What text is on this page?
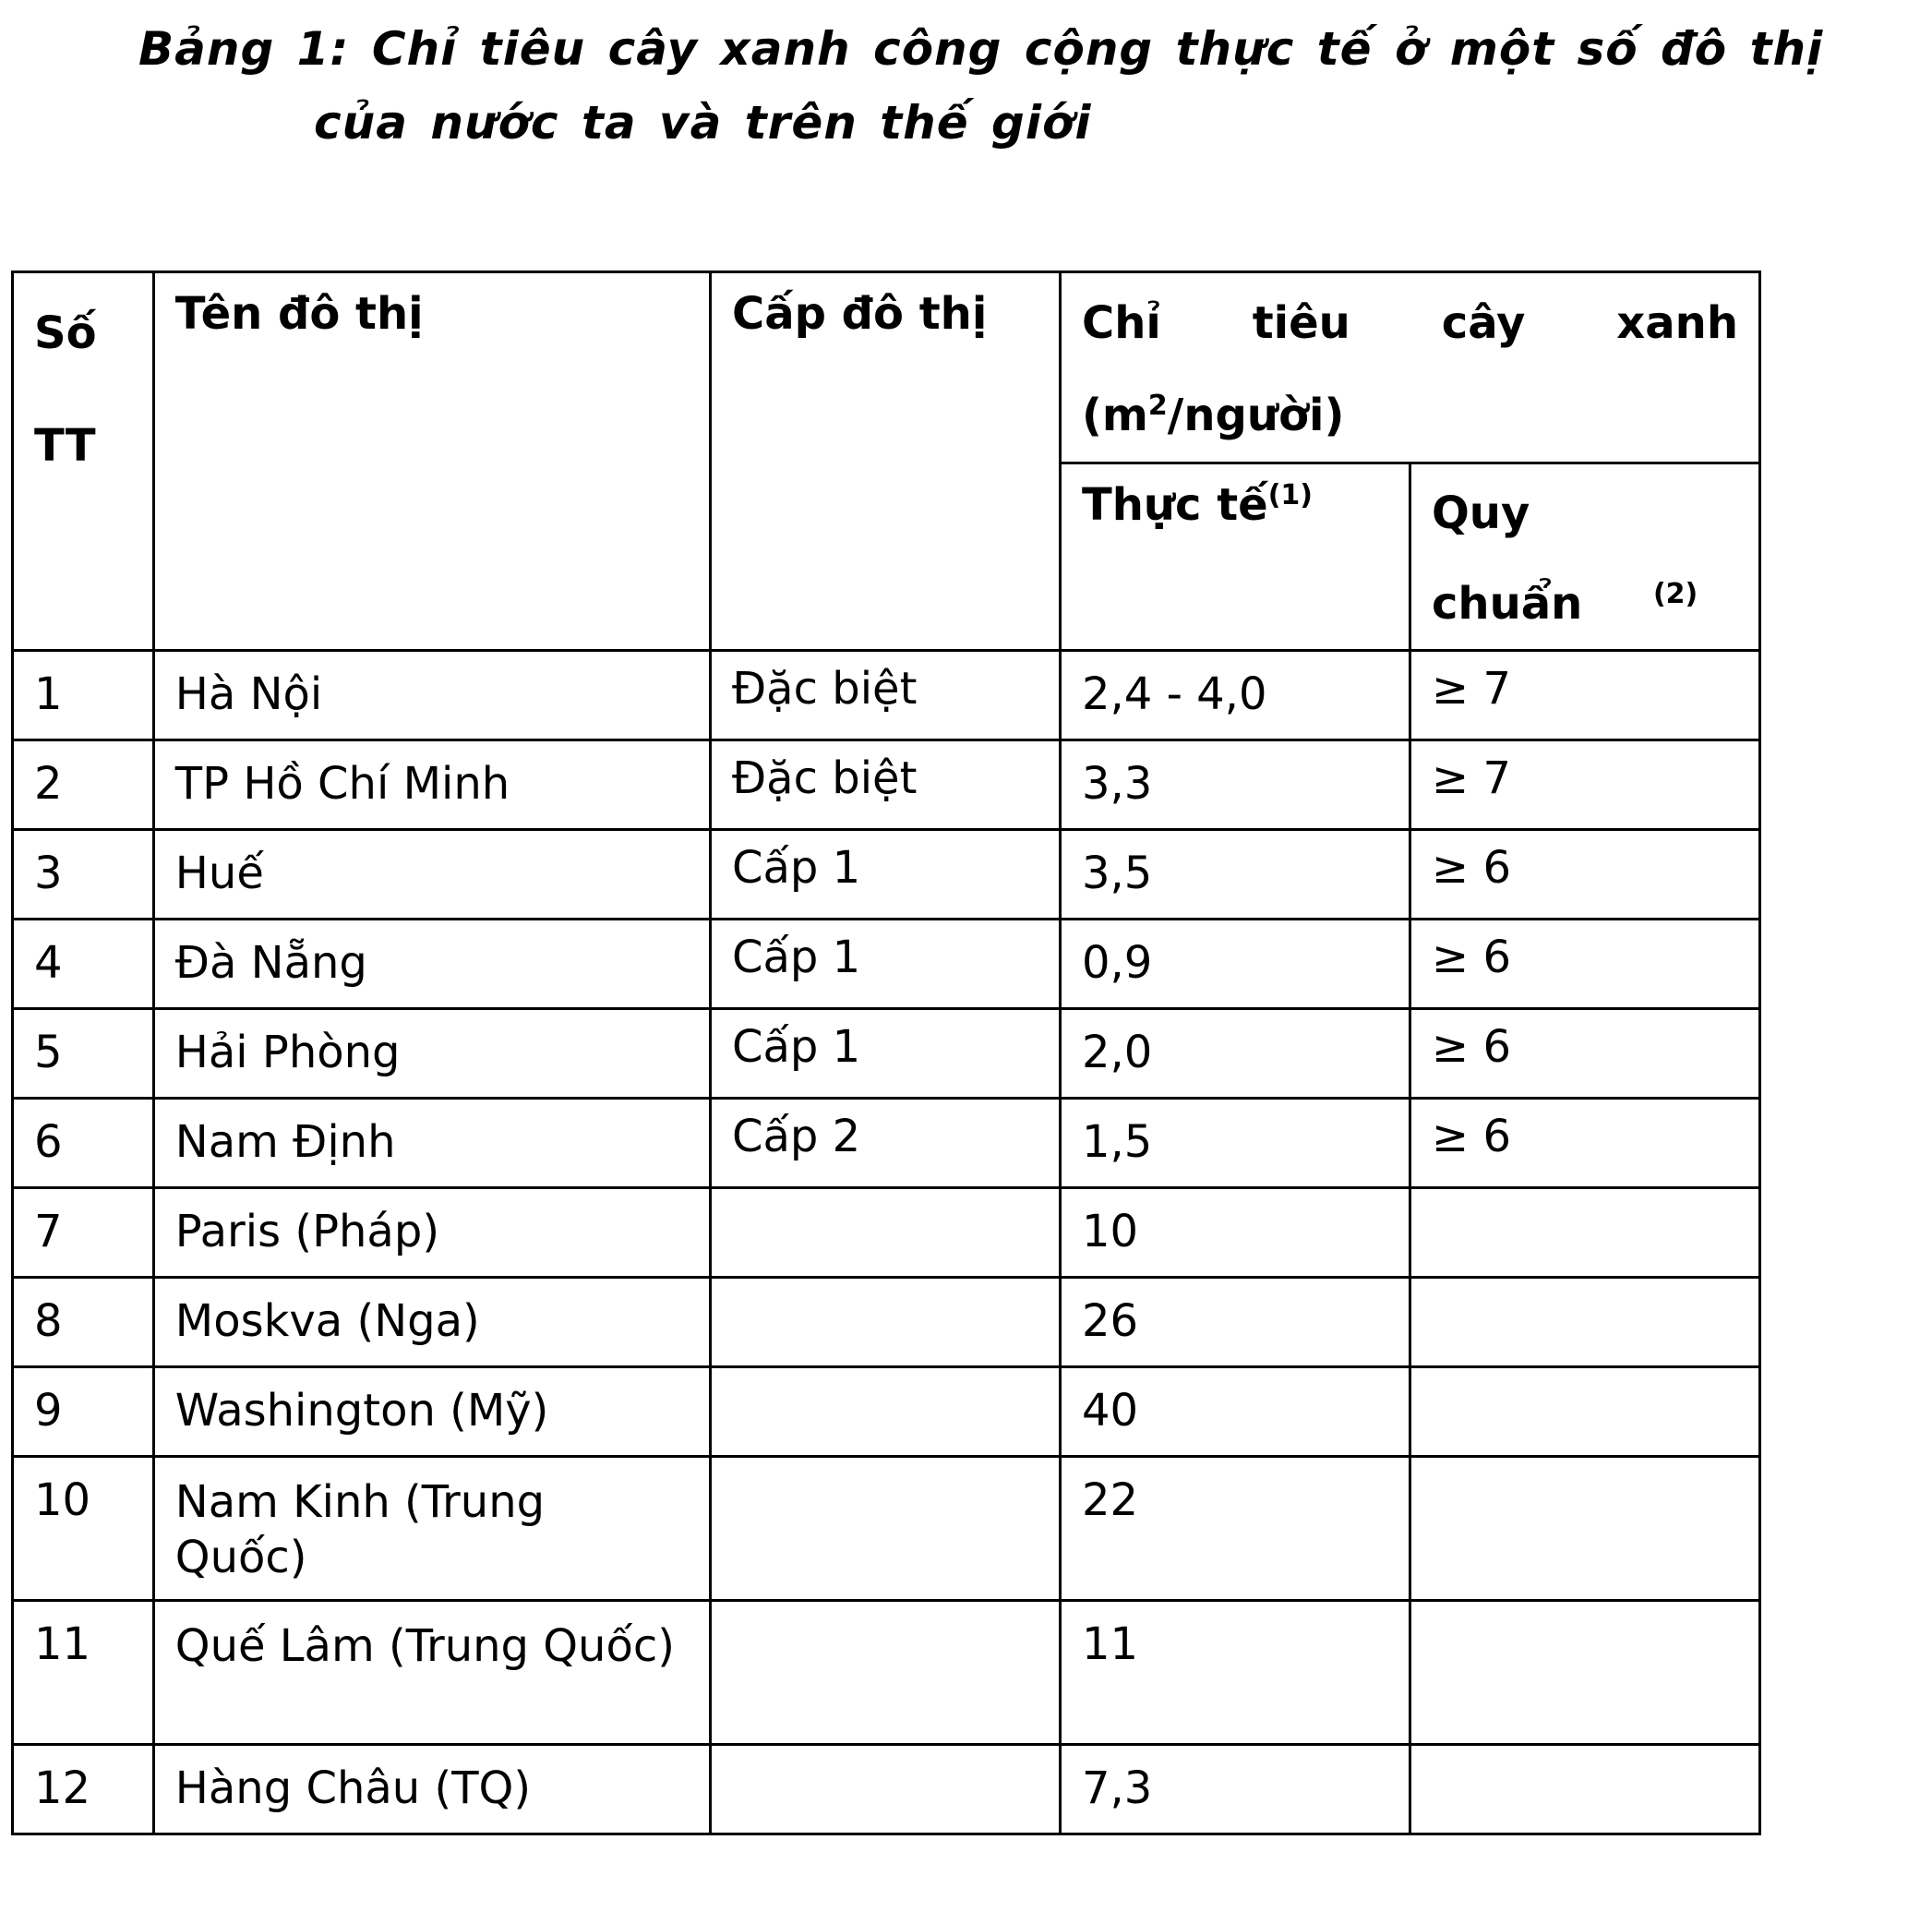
Bảng 1: Chỉ tiêu cây xanh công cộng thực tế ở một số đô thị
của nước ta và trên thế giới
Số TT	Tên đô thị	Cấp đô thị	Chỉ tiêu cây xanh
$(m^2/người)$	

			Thực tế$^{(1)}$	Quy chuẩn $^{(2)}$
1	Hà Nội	Đặc biệt	2,4 - 4,0	≥ 7
2	TP Hồ Chí Minh	Đặc biệt	3,3	≥ 7
3	Huế	Cấp 1	3,5	≥ 6
4	Đà Nẵng	Cấp 1	0,9	≥ 6
5	Hải Phòng	Cấp 1	2,0	≥ 6
6	Nam Định	Cấp 2	1,5	≥ 6
7	Paris (Pháp)		10	
8	Moskva (Nga)		26	
9	Washington (Mỹ)		40	
10	Nam Kinh (Trung Quốc)		22	
11	Quế Lâm (Trung Quốc)		11	
12	Hàng Châu (TQ)		7,3	
